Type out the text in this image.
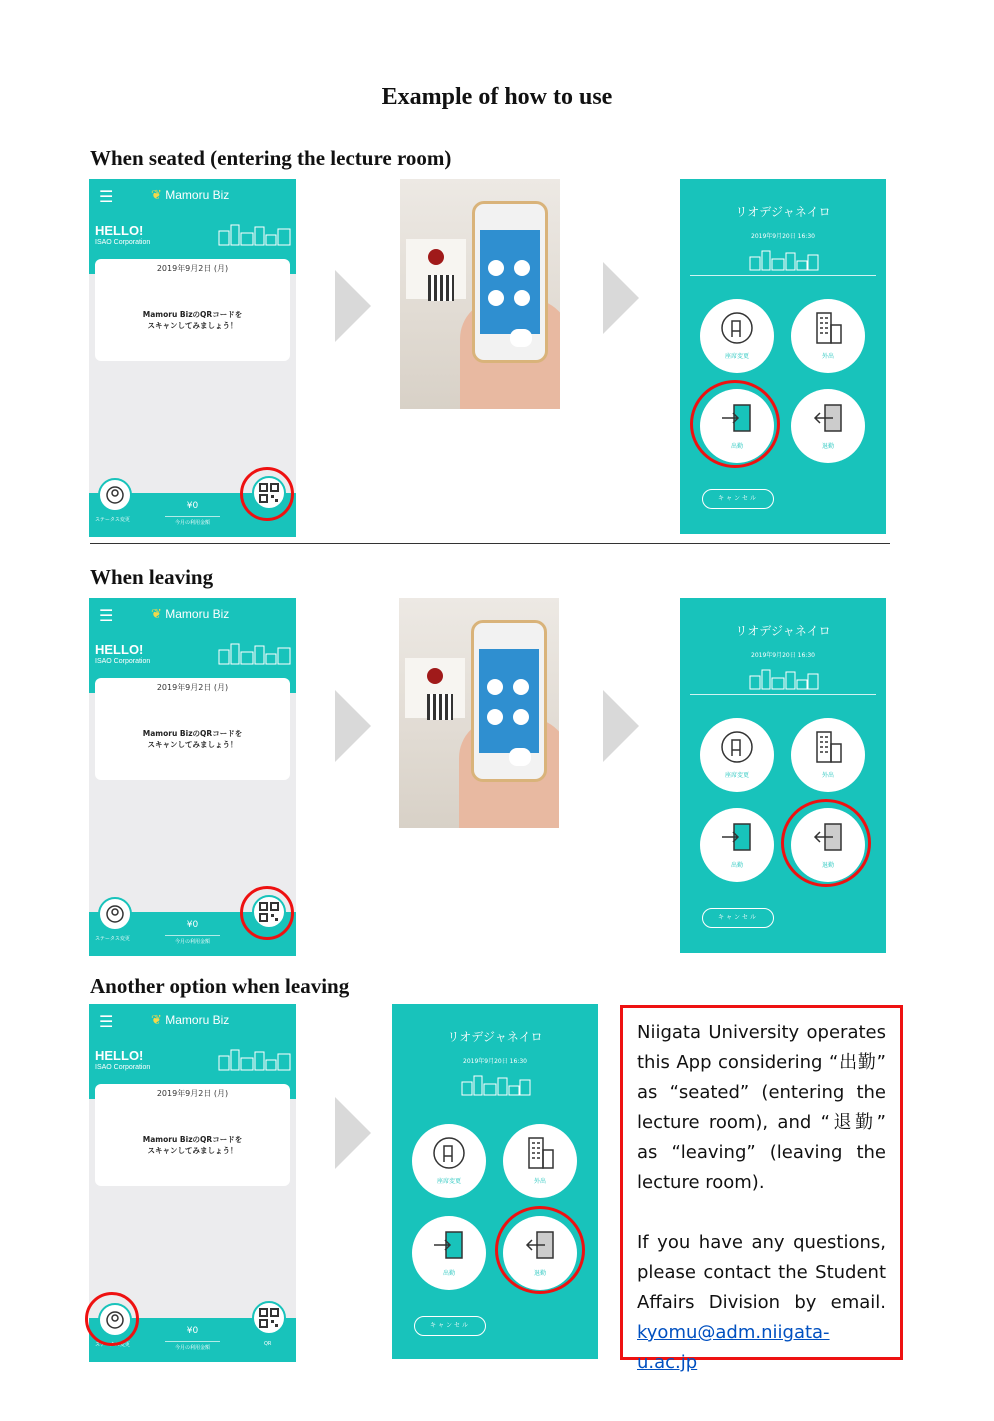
Example of how to use
When seated (entering the lecture room)
When leaving
Another option when leaving
☰	❦ Mamoru Biz
HELLO!
ISAO Corporation
2019年9月2日 (月)
Mamoru BizのQRコードを
スキャンしてみましょう！
¥0
今月の利用金額
ステータス変更
☰	❦ Mamoru Biz
HELLO!
ISAO Corporation
2019年9月2日 (月)
Mamoru BizのQRコードを
スキャンしてみましょう！
¥0
今月の利用金額
ステータス変更
☰	❦ Mamoru Biz
HELLO!
ISAO Corporation
2019年9月2日 (月)
Mamoru BizのQRコードを
スキャンしてみましょう！
¥0
今月の利用金額
ステータス変更	QR
リオデジャネイロ
2019年9月20日 16:30
座席変更	外出
出勤	退勤
キャンセル
リオデジャネイロ
2019年9月20日 16:30
座席変更	外出
出勤	退勤
キャンセル
リオデジャネイロ
2019年9月20日 16:30
座席変更	外出
出勤	退勤
キャンセル

Niigata University operates this App considering “出勤” as “seated” (entering the lecture room), and “退勤” as “leaving” (leaving the lecture room).

If you have any questions, please contact the Student Affairs Division by email. kyomu@adm.niigata-u.ac.jp
